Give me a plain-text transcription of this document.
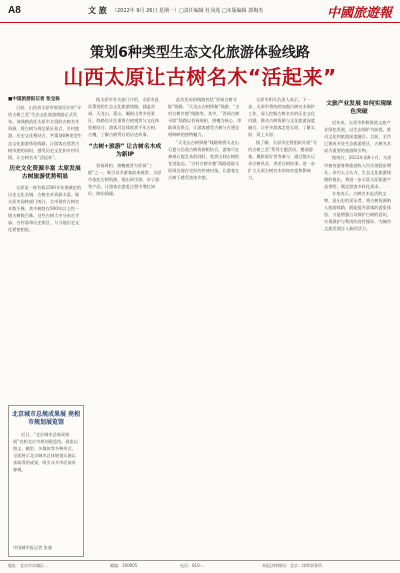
A8	文 旅 （2022年 9月 26日 星期一）□责任编辑 杜凤莲 □本版编辑 郭梅杰	中國旅遊報
策划6种类型生态文化旅游体验线路
山西太原让古树名木“活起来”
■中国旅游报记者 张宝栋

日前，山西省太原市规划设计的“寻找古树之美”生态文化旅游线路正式发布。该线路依托太原市丰富的古树名木资源，将古树与周边景区景点、乡村旅游、历史文化相结合，共策划6种类型生态文化旅游体验线路，让游客在欣赏古树风貌的同时，感受历史文化和乡村风情，让古树名木“活起来”。

历史文化资源丰富 太原发展古树旅游优势明显

太原是一座有着2500多年建城史的历史文化名城，古树名木资源丰富。据太原市园林部门统计，全市现有古树名木数千株，其中树龄在500年以上的一级古树数百株。这些古树大多分布在寺庙、古村落和历史街区，与当地历史文化紧密相连。

据太原市有关部门介绍，太原市此次策划的生态文化旅游线路，涵盖晋祠、天龙山、蒙山、崛围山等多处景区，线路设计注重将古树观赏与文化体验相结合。游客可沿线欣赏千年古柏、古槐，了解古树背后的历史故事。

“古树+旅游” 让古树名木成为新IP

晋祠周柏、唐槐被誉为晋祠“三绝”之一，吸引众多游客前来观赏。太原市依托古树资源，推出研学游、亲子游等产品，让游客在游览过程中增长知识、陶冶情操。

此次发布的线路包括“晋祠古树寻踪”线路、“天龙山古树探秘”线路、“古村古树乡愁”线路等。其中，“晋祠古树寻踪”线路以晋祠周柏、唐槐为核心，串联周边景点，让游客感受古树与古建交相辉映的独特魅力。

“天龙山古树探秘”线路则将天龙山石窟与沿途古树资源相结合，游客可在参观石窟艺术的同时，欣赏山间古树的苍劲姿态。“古村古树乡愁”线路选取太原周边保存完好的传统村落，让游客在古树下感受浓浓乡愁。

太原市相关负责人表示，下一步，太原市将持续加强古树名木保护工作，深入挖掘古树名木的历史文化内涵，推动古树资源与文化旅游深度融合，让更多游客走进太原、了解太原、爱上太原。

据了解，太原市还将组织开展“寻找古树之美”系列主题活动，邀请游客、摄影爱好者等参与，通过镜头记录古树风采，讲述古树故事，进一步扩大太原古树名木的知名度和影响力。

文旅产业发展 如何实现绿色突破

近年来，太原市积极推进文旅产业绿色发展，以生态保护为前提，推动文化和旅游深度融合。目前，全市已建成多处生态旅游景区，古树名木成为重要的旅游吸引物。

据统计，2022年前8个月，太原市接待游客和旅游收入均实现稳步增长。业内人士认为，生态文化旅游线路的推出，将进一步丰富太原旅游产品供给，满足游客多样化需求。

专家表示，古树名木是活的文物，是历史的见证者。将古树资源纳入旅游线路，既能提升游客的游览体验，又能增强公众保护古树的意识，实现保护与利用的良性循环，为城市文旅发展注入新的活力。

北京城市总规成果展 亮相市规划展览馆

近日，“北京城市总规成果展”亮相北京市规划展览馆。展览以图文、模型、多媒体等多种形式，全面展示北京城市总体规划实施以来取得的成果，吸引众多市民前来参观。

中国城市报记者 张童
地址：北京市东城区…	邮编：100005	电话：010-…	本报法律顾问：北京…律师事务所
